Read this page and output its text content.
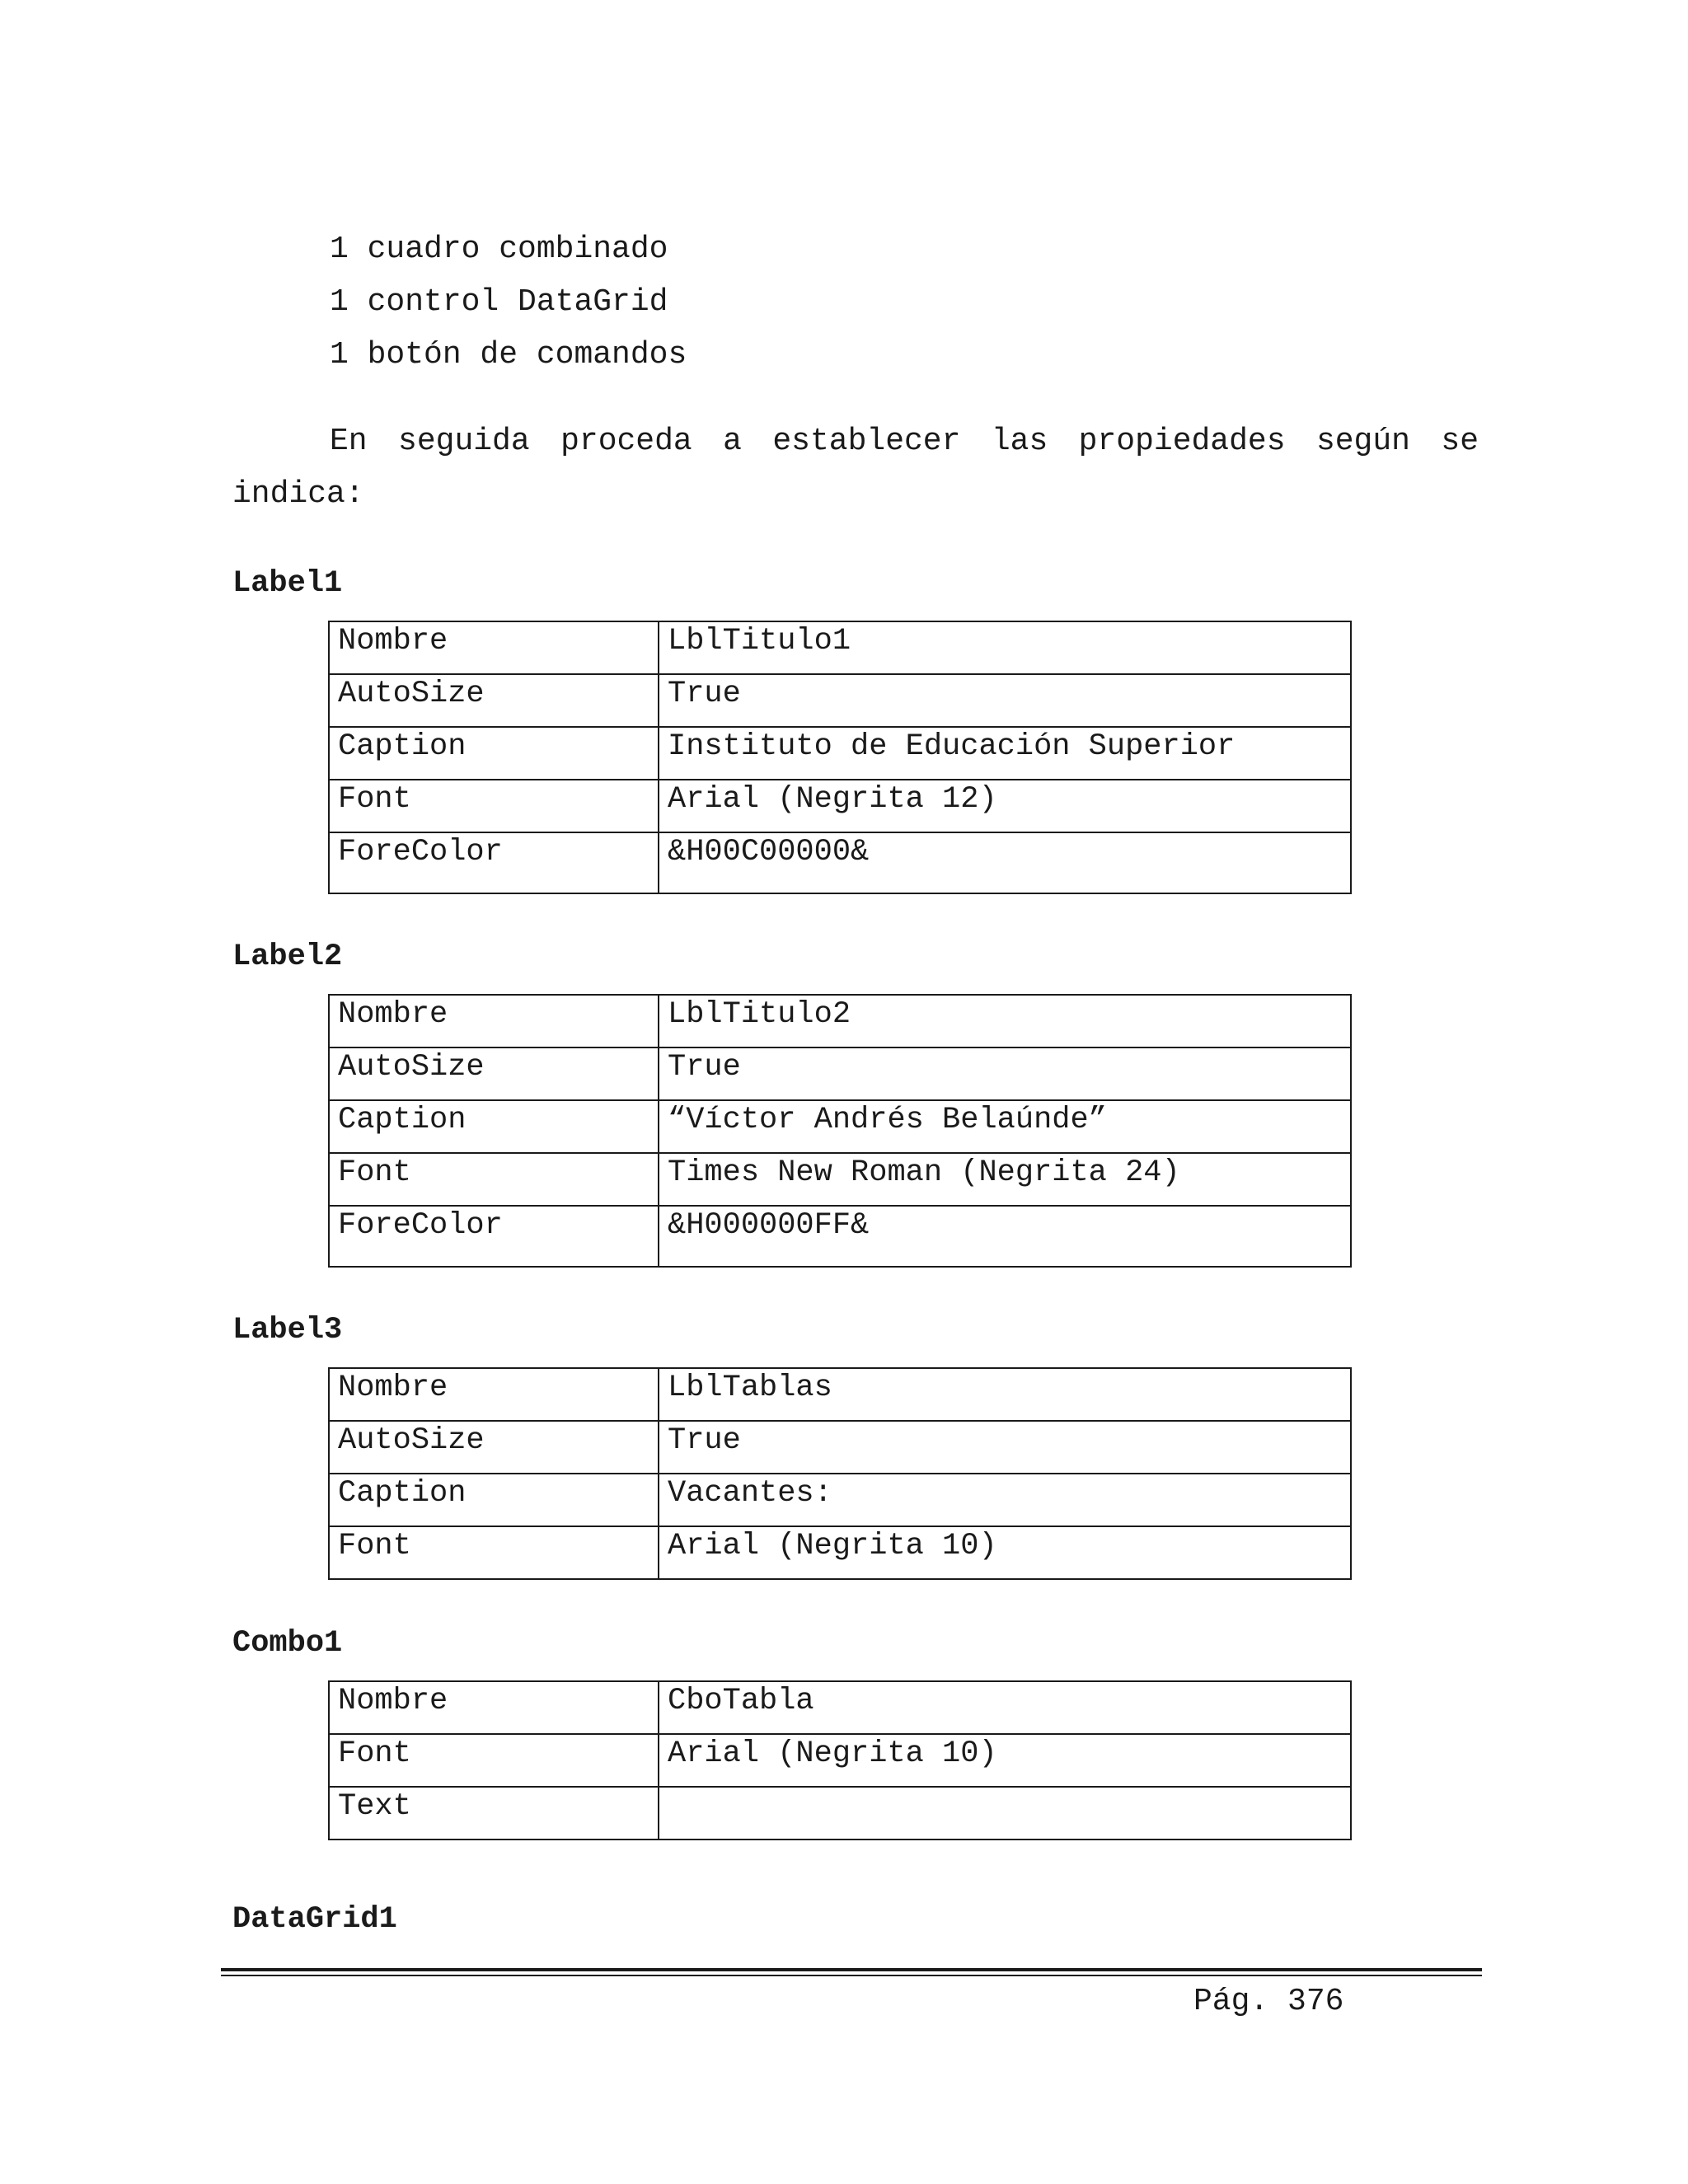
1 cuadro combinado
1 control DataGrid
1 botón de comandos
En seguida proceda a establecer las propiedades según se indica:
Label1
Nombre	LblTitulo1
AutoSize	True
Caption	Instituto de Educación Superior
Font	Arial (Negrita 12)
ForeColor	&H00C00000&
Label2
Nombre	LblTitulo2
AutoSize	True
Caption	“Víctor Andrés Belaúnde”
Font	Times New Roman (Negrita 24)
ForeColor	&H000000FF&
Label3
Nombre	LblTablas
AutoSize	True
Caption	Vacantes:
Font	Arial (Negrita 10)
Combo1
Nombre	CboTabla
Font	Arial (Negrita 10)
Text	
DataGrid1
Pág. 376
